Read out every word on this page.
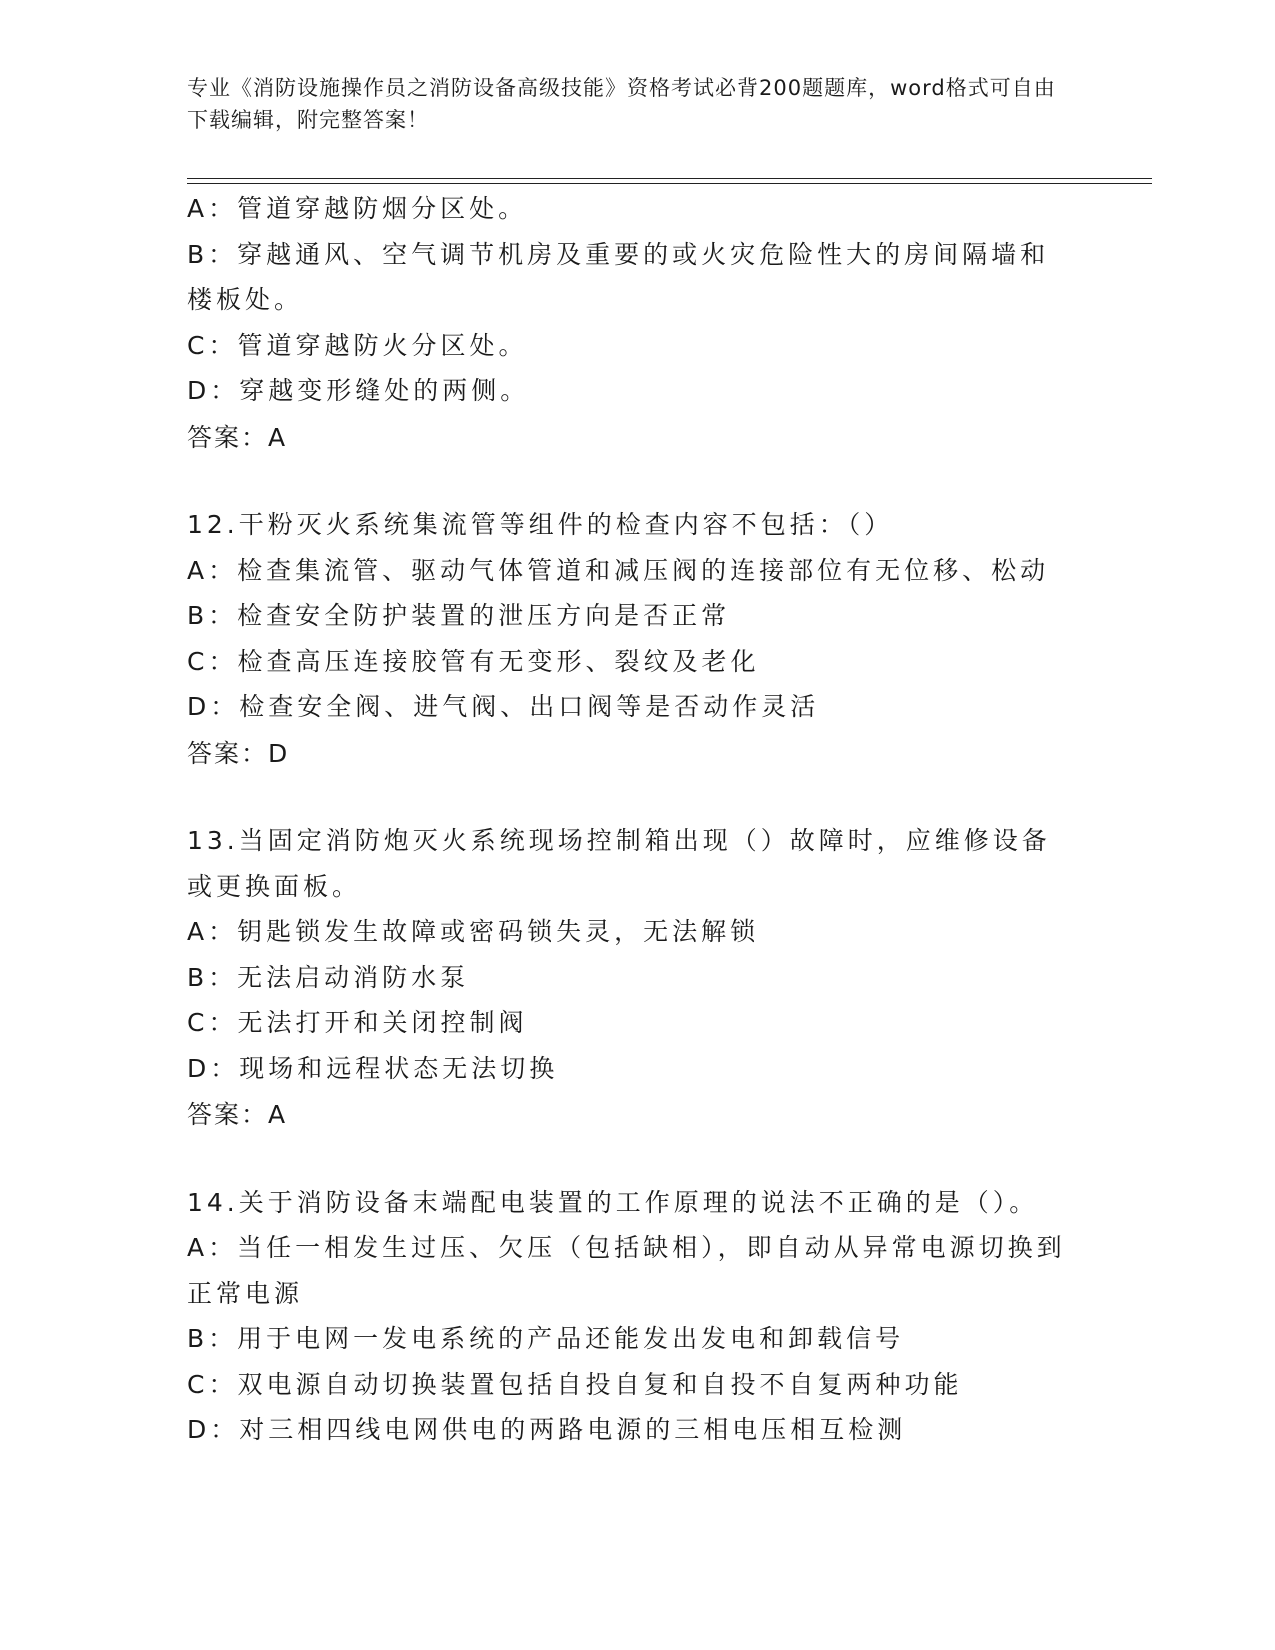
专业《消防设施操作员之消防设备高级技能》资格考试必背200题题库，word格式可自由下载编辑，附完整答案！
A：管道穿越防烟分区处。
B：穿越通风、空气调节机房及重要的或火灾危险性大的房间隔墙和楼板处。
C：管道穿越防火分区处。
D：穿越变形缝处的两侧。
答案：A
12.干粉灭火系统集流管等组件的检查内容不包括：（）
A：检查集流管、驱动气体管道和减压阀的连接部位有无位移、松动
B：检查安全防护装置的泄压方向是否正常
C：检查高压连接胶管有无变形、裂纹及老化
D：检查安全阀、进气阀、出口阀等是否动作灵活
答案：D
13.当固定消防炮灭火系统现场控制箱出现（）故障时，应维修设备或更换面板。
A：钥匙锁发生故障或密码锁失灵，无法解锁
B：无法启动消防水泵
C：无法打开和关闭控制阀
D：现场和远程状态无法切换
答案：A
14.关于消防设备末端配电装置的工作原理的说法不正确的是（）。
A：当任一相发生过压、欠压（包括缺相），即自动从异常电源切换到正常电源
B：用于电网一发电系统的产品还能发出发电和卸载信号
C：双电源自动切换装置包括自投自复和自投不自复两种功能
D：对三相四线电网供电的两路电源的三相电压相互检测
